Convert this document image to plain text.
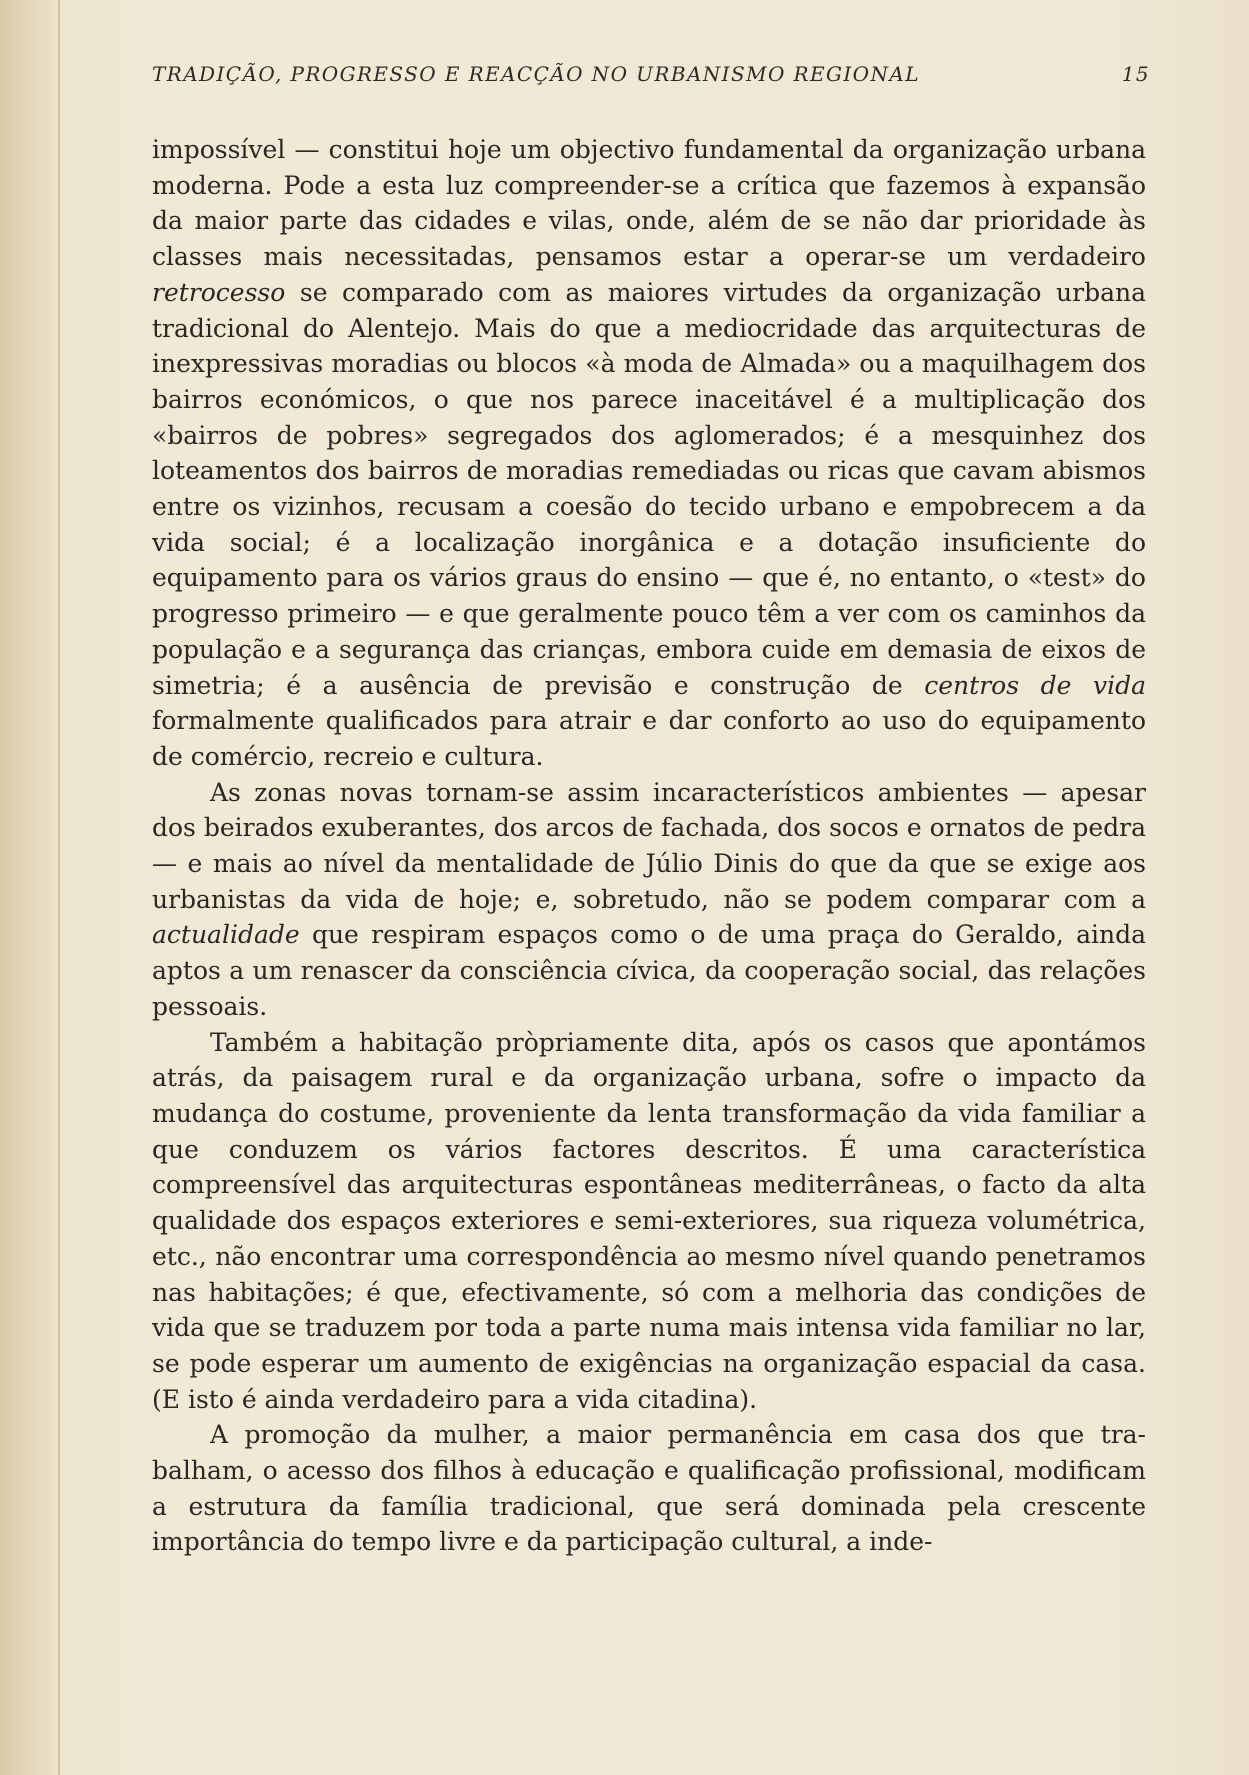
TRADIÇÃO, PROGRESSO E REACÇÃO NO URBANISMO REGIONAL	15

impossível — constitui hoje um objectivo fundamental da organização urbana moderna. Pode a esta luz compreender-se a crítica que fazemos à expansão da maior parte das cidades e vilas, onde, além de se não dar prioridade às classes mais necessitadas, pensamos estar a operar-se um verdadeiro retrocesso se comparado com as maiores virtudes da organização urbana tradicional do Alentejo. Mais do que a mediocridade das arquitecturas de inexpressivas moradias ou blocos «à moda de Almada» ou a maquilhagem dos bairros económicos, o que nos parece inaceitável é a multiplicação dos «bairros de pobres» segregados dos aglomerados; é a mesquinhez dos loteamentos dos bairros de moradias remediadas ou ricas que cavam abismos entre os vizinhos, recusam a coesão do tecido urbano e empobrecem a da vida social; é a localização inorgânica e a dotação insuficiente do equipamento para os vários graus do ensino — que é, no entanto, o «test» do progresso primeiro — e que geralmente pouco têm a ver com os caminhos da população e a segurança das crianças, embora cuide em demasia de eixos de simetria; é a ausência de previsão e construção de centros de vida formalmente qualificados para atrair e dar conforto ao uso do equipamento de comércio, recreio e cultura.

As zonas novas tornam-se assim incaracterísticos ambientes — apesar dos beirados exuberantes, dos arcos de fachada, dos socos e ornatos de pedra — e mais ao nível da mentalidade de Júlio Dinis do que da que se exige aos urbanistas da vida de hoje; e, sobretudo, não se podem comparar com a actualidade que respiram espaços como o de uma praça do Geraldo, ainda aptos a um renascer da consciência cívica, da cooperação social, das relações pessoais.

Também a habitação pròpriamente dita, após os casos que apontámos atrás, da paisagem rural e da organização urbana, sofre o impacto da mudança do costume, proveniente da lenta transformação da vida familiar a que conduzem os vários factores descritos. É uma característica compreensível das arquitecturas espontâneas mediterrâneas, o facto da alta qualidade dos espaços exteriores e semi-exteriores, sua riqueza volumétrica, etc., não encontrar uma correspondência ao mesmo nível quando penetramos nas habitações; é que, efectivamente, só com a melhoria das condições de vida que se traduzem por toda a parte numa mais intensa vida familiar no lar, se pode esperar um aumento de exigências na organização espacial da casa. (E isto é ainda verdadeiro para a vida citadina).

A promoção da mulher, a maior permanência em casa dos que trabalham, o acesso dos filhos à educação e qualificação profissional, modificam a estrutura da família tradicional, que será dominada pela crescente importância do tempo livre e da participação cultural, a inde-
